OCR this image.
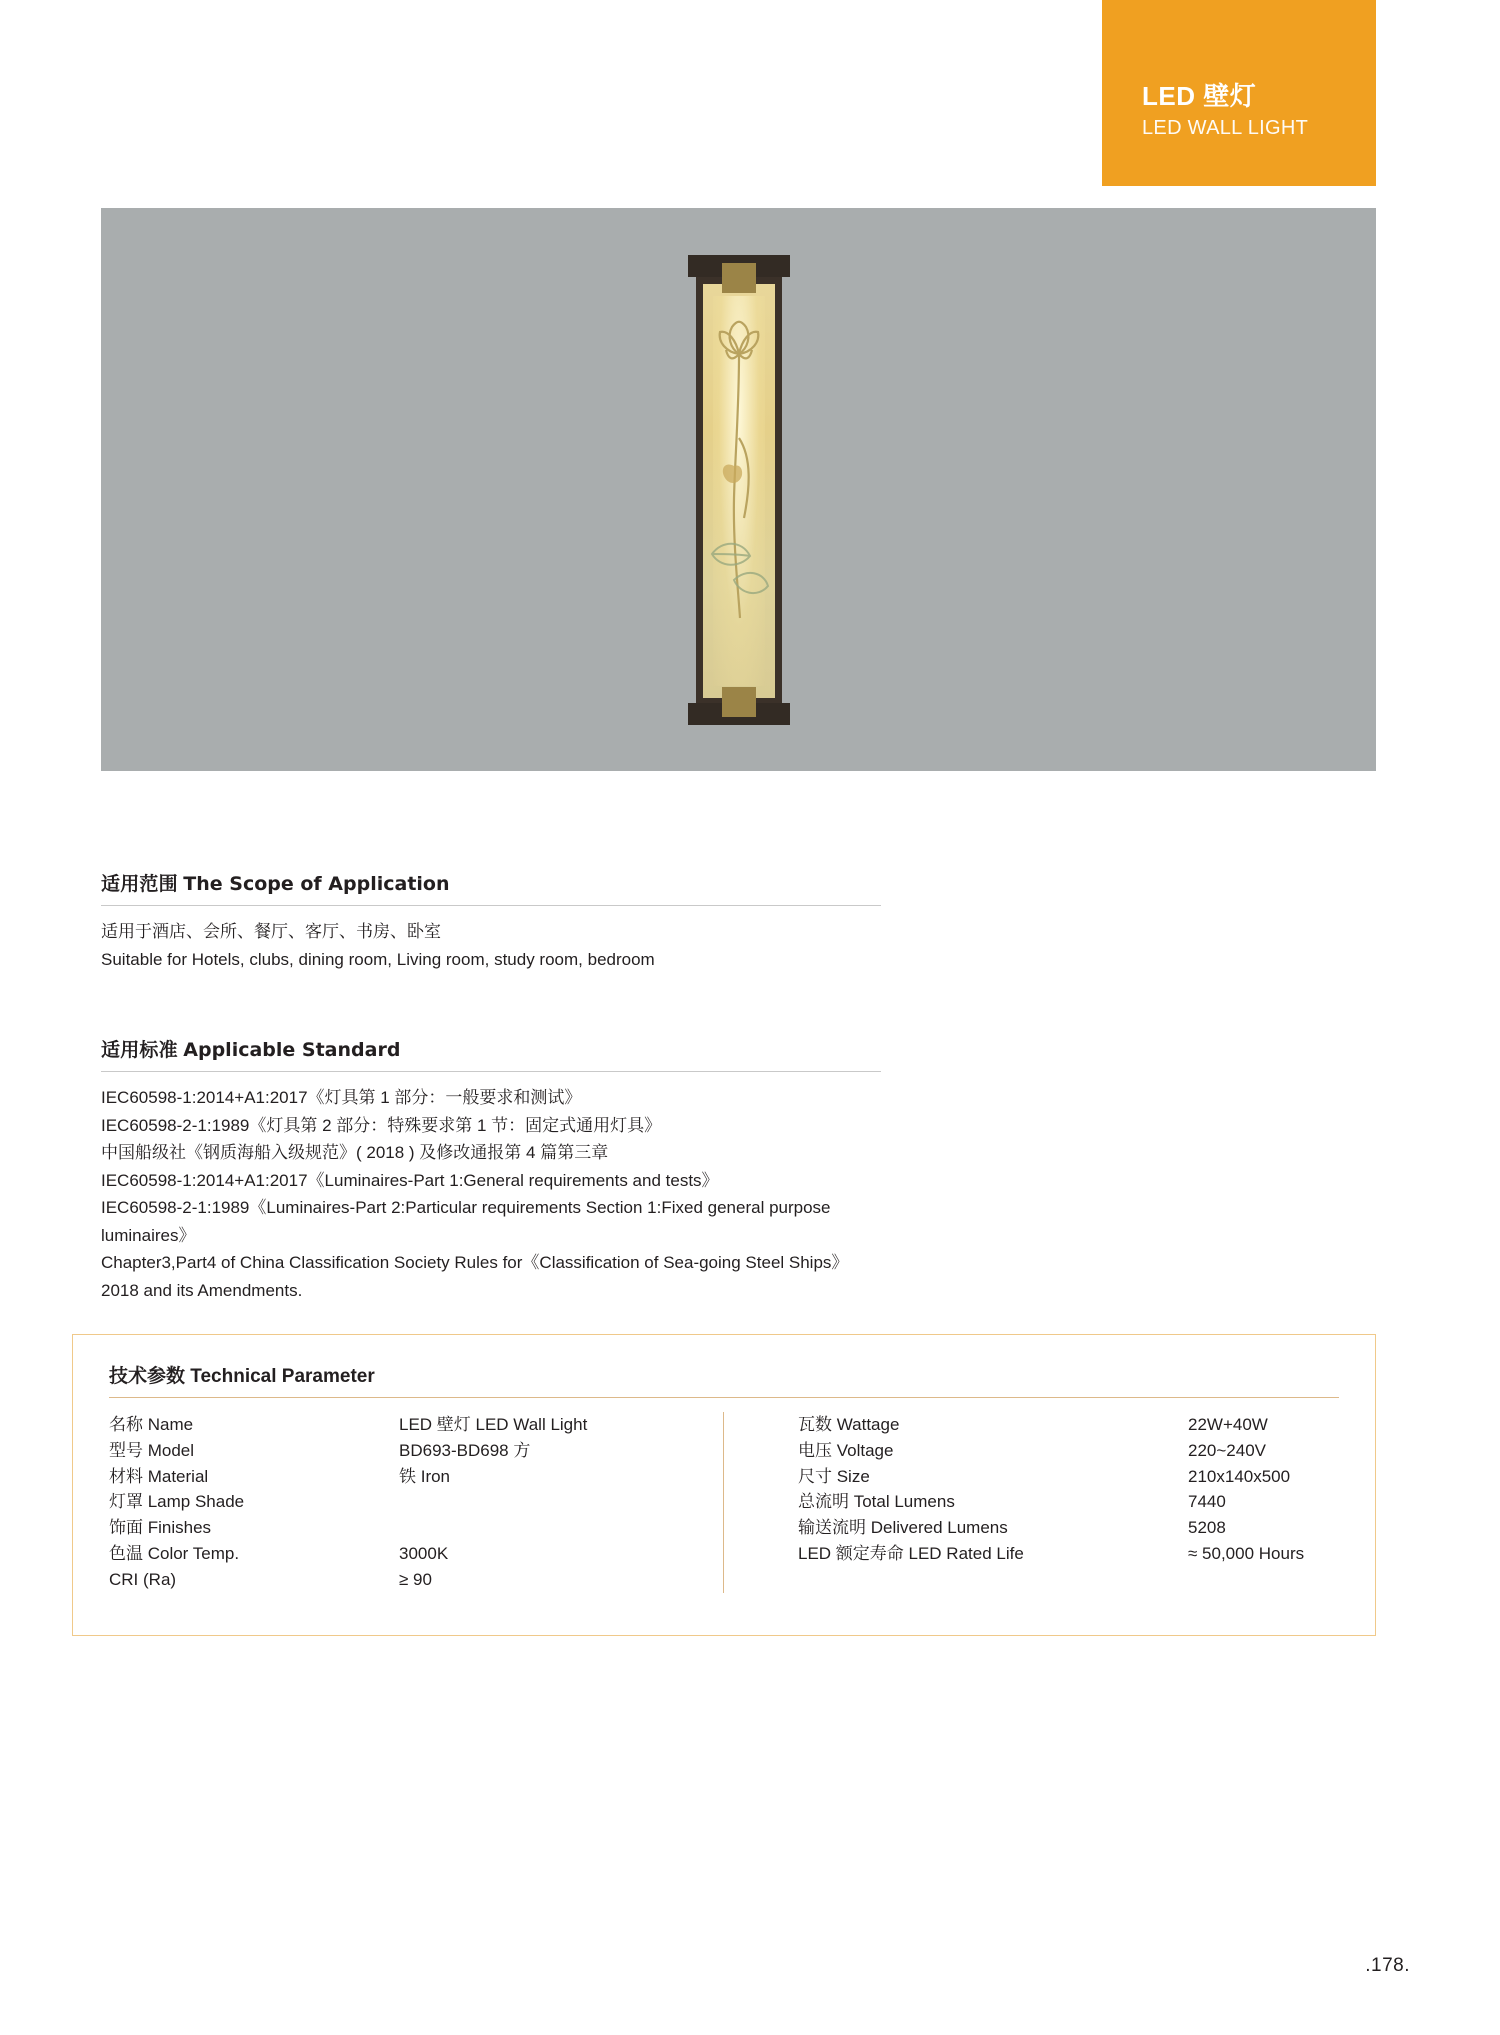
LED 壁灯
LED WALL LIGHT
适用范围 The Scope of Application

适用于酒店、会所、餐厅、客厅、书房、卧室

Suitable for Hotels, clubs, dining room, Living room, study room, bedroom

适用标准 Applicable Standard

IEC60598-1:2014+A1:2017《灯具第 1 部分：一般要求和测试》

IEC60598-2-1:1989《灯具第 2 部分：特殊要求第 1 节：固定式通用灯具》

中国船级社《钢质海船入级规范》( 2018 ) 及修改通报第 4 篇第三章

IEC60598-1:2014+A1:2017《Luminaires-Part 1:General requirements and tests》

IEC60598-2-1:1989《Luminaires-Part 2:Particular requirements Section 1:Fixed general purpose luminaires》

Chapter3,Part4 of China Classification Society Rules for《Classification of Sea-going Steel Ships》2018 and its Amendments.

技术参数 Technical Parameter
名称 Name	LED 壁灯 LED Wall Light
型号 Model	BD693-BD698 方
材料 Material	铁 Iron
灯罩 Lamp Shade
饰面 Finishes
色温 Color Temp.	3000K
CRI (Ra)	≥ 90
瓦数 Wattage	22W+40W
电压 Voltage	220~240V
尺寸 Size	210x140x500
总流明 Total Lumens	7440
输送流明 Delivered Lumens	5208
LED 额定寿命 LED Rated Life	≈ 50,000 Hours
.178.
